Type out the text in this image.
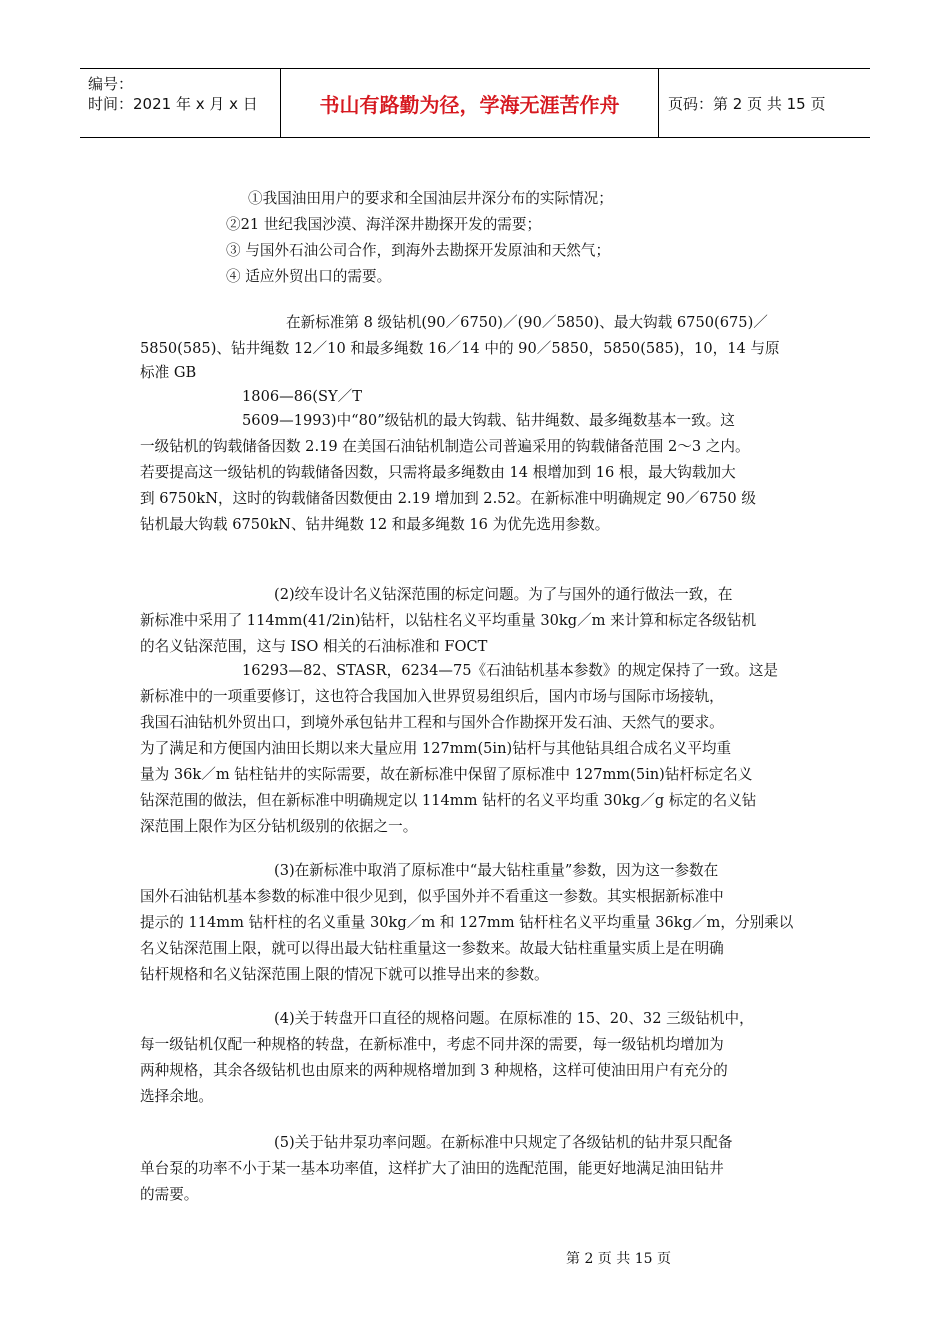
编号：
时间：2021 年 x 月 x 日	书山有路勤为径，学海无涯苦作舟	页码：第 2 页 共 15 页
①我国油田用户的要求和全国油层井深分布的实际情况；
②21 世纪我国沙漠、海洋深井勘探开发的需要；
③ 与国外石油公司合作，到海外去勘探开发原油和天然气；
④ 适应外贸出口的需要。
在新标准第 8 级钻机(90／6750)／(90／5850)、最大钩载 6750(675)／
5850(585)、钻井绳数 12／10 和最多绳数 16／14 中的 90／5850，5850(585)，10，14 与原
标准 GB
1806—86(SY／T
5609—1993)中“80”级钻机的最大钩载、钻井绳数、最多绳数基本一致。这
一级钻机的钩载储备因数 2.19 在美国石油钻机制造公司普遍采用的钩载储备范围 2～3 之内。
若要提高这一级钻机的钩载储备因数，只需将最多绳数由 14 根增加到 16 根，最大钩载加大
到 6750kN，这时的钩载储备因数便由 2.19 增加到 2.52。在新标准中明确规定 90／6750 级
钻机最大钩载 6750kN、钻井绳数 12 和最多绳数 16 为优先选用参数。
(2)绞车设计名义钻深范围的标定问题。为了与国外的通行做法一致，在
新标准中采用了 114mm(41/2in)钻杆，以钻柱名义平均重量 30kg／m 来计算和标定各级钻机
的名义钻深范围，这与 ISO 相关的石油标准和 FOCT
16293—82、STASR，6234—75《石油钻机基本参数》的规定保持了一致。这是
新标准中的一项重要修订，这也符合我国加入世界贸易组织后，国内市场与国际市场接轨，
我国石油钻机外贸出口，到境外承包钻井工程和与国外合作勘探开发石油、天然气的要求。
为了满足和方便国内油田长期以来大量应用 127mm(5in)钻杆与其他钻具组合成名义平均重
量为 36k／m 钻柱钻井的实际需要，故在新标准中保留了原标准中 127mm(5in)钻杆标定名义
钻深范围的做法，但在新标准中明确规定以 114mm 钻杆的名义平均重 30kg／g 标定的名义钻
深范围上限作为区分钻机级别的依据之一。
(3)在新标准中取消了原标准中“最大钻柱重量”参数，因为这一参数在
国外石油钻机基本参数的标准中很少见到，似乎国外并不看重这一参数。其实根据新标准中
提示的 114mm 钻杆柱的名义重量 30kg／m 和 127mm 钻杆柱名义平均重量 36kg／m，分别乘以
名义钻深范围上限，就可以得出最大钻柱重量这一参数来。故最大钻柱重量实质上是在明确
钻杆规格和名义钻深范围上限的情况下就可以推导出来的参数。
(4)关于转盘开口直径的规格问题。在原标准的 15、20、32 三级钻机中，
每一级钻机仅配一种规格的转盘，在新标准中，考虑不同井深的需要，每一级钻机均增加为
两种规格，其余各级钻机也由原来的两种规格增加到 3 种规格，这样可使油田用户有充分的
选择余地。
(5)关于钻井泵功率问题。在新标准中只规定了各级钻机的钻井泵只配备
单台泵的功率不小于某一基本功率值，这样扩大了油田的选配范围，能更好地满足油田钻井
的需要。
第 2 页 共 15 页
